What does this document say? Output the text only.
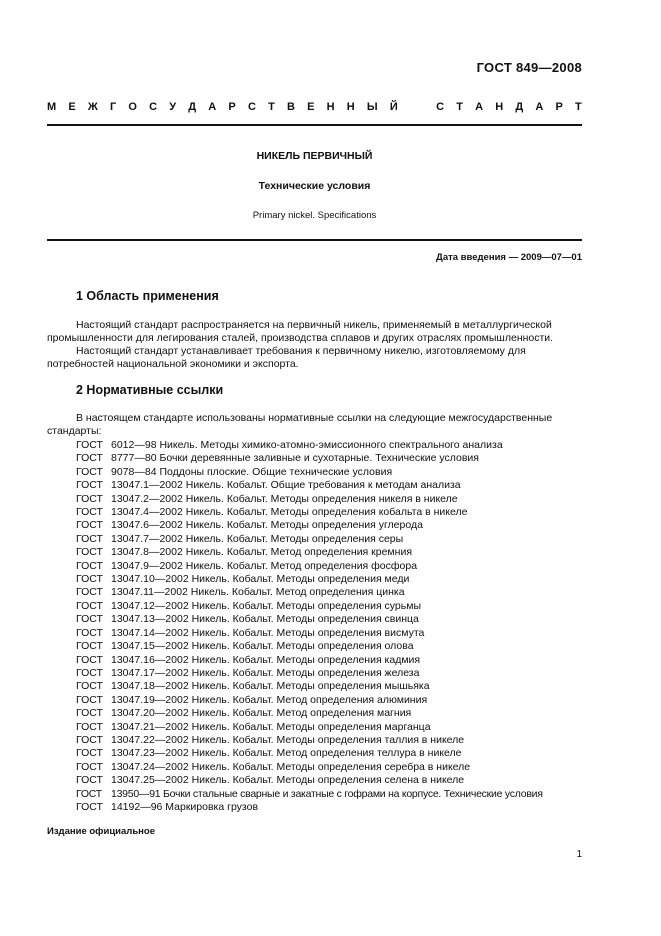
ГОСТ 849—2008
М Е Ж Г О С У Д А Р С Т В Е Н Н Ы Й	С Т А Н Д А Р Т
НИКЕЛЬ ПЕРВИЧНЫЙ
Технические условия
Primary nickel. Specifications
Дата введения — 2009—07—01
1 Область применения
Настоящий стандарт распространяется на первичный никель, применяемый в металлургической
промышленности для легирования сталей, производства сплавов и других отраслях промышленности.
Настоящий стандарт устанавливает требования к первичному никелю, изготовляемому для
потребностей национальной экономики и экспорта.
2 Нормативные ссылки
В настоящем стандарте использованы нормативные ссылки на следующие межгосударственные
стандарты:
ГОСТ 6012—98 Никель. Методы химико-атомно-эмиссионного спектрального анализа
ГОСТ 8777—80 Бочки деревянные заливные и сухотарные. Технические условия
ГОСТ 9078—84 Поддоны плоские. Общие технические условия
ГОСТ 13047.1—2002 Никель. Кобальт. Общие требования к методам анализа
ГОСТ 13047.2—2002 Никель. Кобальт. Методы определения никеля в никеле
ГОСТ 13047.4—2002 Никель. Кобальт. Методы определения кобальта в никеле
ГОСТ 13047.6—2002 Никель. Кобальт. Методы определения углерода
ГОСТ 13047.7—2002 Никель. Кобальт. Методы определения серы
ГОСТ 13047.8—2002 Никель. Кобальт. Метод определения кремния
ГОСТ 13047.9—2002 Никель. Кобальт. Метод определения фосфора
ГОСТ 13047.10—2002 Никель. Кобальт. Методы определения меди
ГОСТ 13047.11—2002 Никель. Кобальт. Метод определения цинка
ГОСТ 13047.12—2002 Никель. Кобальт. Методы определения сурьмы
ГОСТ 13047.13—2002 Никель. Кобальт. Методы определения свинца
ГОСТ 13047.14—2002 Никель. Кобальт. Методы определения висмута
ГОСТ 13047.15—2002 Никель. Кобальт. Методы определения олова
ГОСТ 13047.16—2002 Никель. Кобальт. Методы определения кадмия
ГОСТ 13047.17—2002 Никель. Кобальт. Методы определения железа
ГОСТ 13047.18—2002 Никель. Кобальт. Методы определения мышьяка
ГОСТ 13047.19—2002 Никель. Кобальт. Метод определения алюминия
ГОСТ 13047.20—2002 Никель. Кобальт. Метод определения магния
ГОСТ 13047.21—2002 Никель. Кобальт. Методы определения марганца
ГОСТ 13047.22—2002 Никель. Кобальт. Методы определения таллия в никеле
ГОСТ 13047.23—2002 Никель. Кобальт. Метод определения теллура в никеле
ГОСТ 13047.24—2002 Никель. Кобальт. Методы определения серебра в никеле
ГОСТ 13047.25—2002 Никель. Кобальт. Методы определения селена в никеле
ГОСТ 13950—91 Бочки стальные сварные и закатные с гофрами на корпусе. Технические условия
ГОСТ 14192—96 Маркировка грузов
Издание официальное
1
